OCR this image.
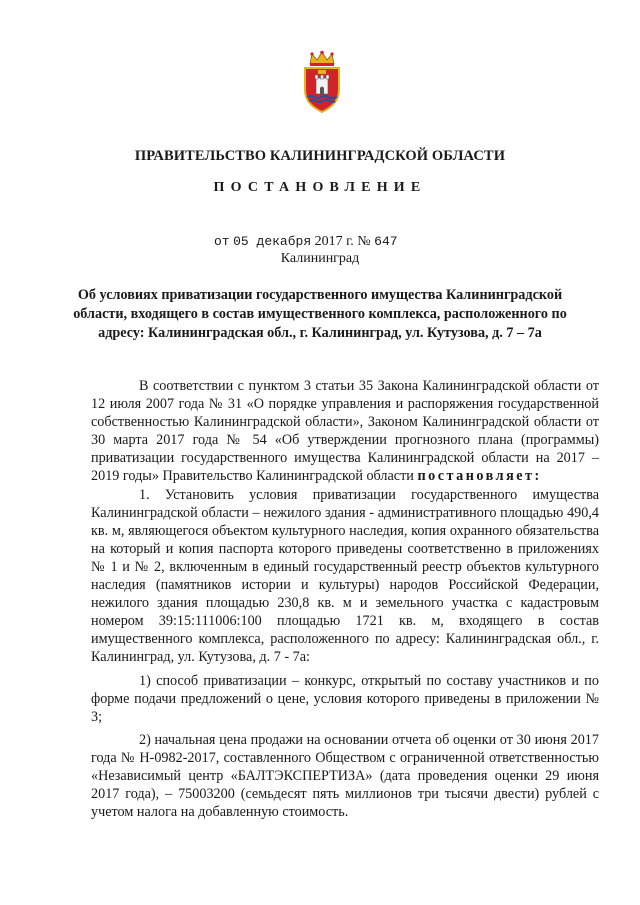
ПРАВИТЕЛЬСТВО КАЛИНИНГРАДСКОЙ ОБЛАСТИ
ПОСТАНОВЛЕНИЕ
от 05 декабря 2017 г. № 647
Калининград
Об условиях приватизации государственного имущества Калининградской области, входящего в состав имущественного комплекса, расположенного по адресу: Калининградская обл., г. Калининград, ул. Кутузова, д. 7 – 7а

В соответствии с пунктом 3 статьи 35 Закона Калининградской области от 12 июля 2007 года № 31 «О порядке управления и распоряжения государственной собственностью Калининградской области», Законом Калининградской области от 30 марта 2017 года № 54 «Об утверждении прогнозного плана (программы) приватизации государственного имущества Калининградской области на 2017 – 2019 годы» Правительство Калининградской области постановляет:

1. Установить условия приватизации государственного имущества Калининградской области – нежилого здания - административного площадью 490,4 кв. м, являющегося объектом культурного наследия, копия охранного обязательства на который и копия паспорта которого приведены соответственно в приложениях № 1 и № 2, включенным в единый государственный реестр объектов культурного наследия (памятников истории и культуры) народов Российской Федерации, нежилого здания площадью 230,8 кв. м и земельного участка с кадастровым номером 39:15:111006:100 площадью 1721 кв. м, входящего в состав имущественного комплекса, расположенного по адресу: Калининградская обл., г. Калининград, ул. Кутузова, д. 7 - 7а:

1) способ приватизации – конкурс, открытый по составу участников и по форме подачи предложений о цене, условия которого приведены в приложении № 3;

2) начальная цена продажи на основании отчета об оценки от 30 июня 2017 года № Н-0982-2017, составленного Обществом с ограниченной ответственностью «Независимый центр «БАЛТЭКСПЕРТИЗА» (дата проведения оценки 29 июня 2017 года), – 75003200 (семьдесят пять миллионов три тысячи двести) рублей с учетом налога на добавленную стоимость.
